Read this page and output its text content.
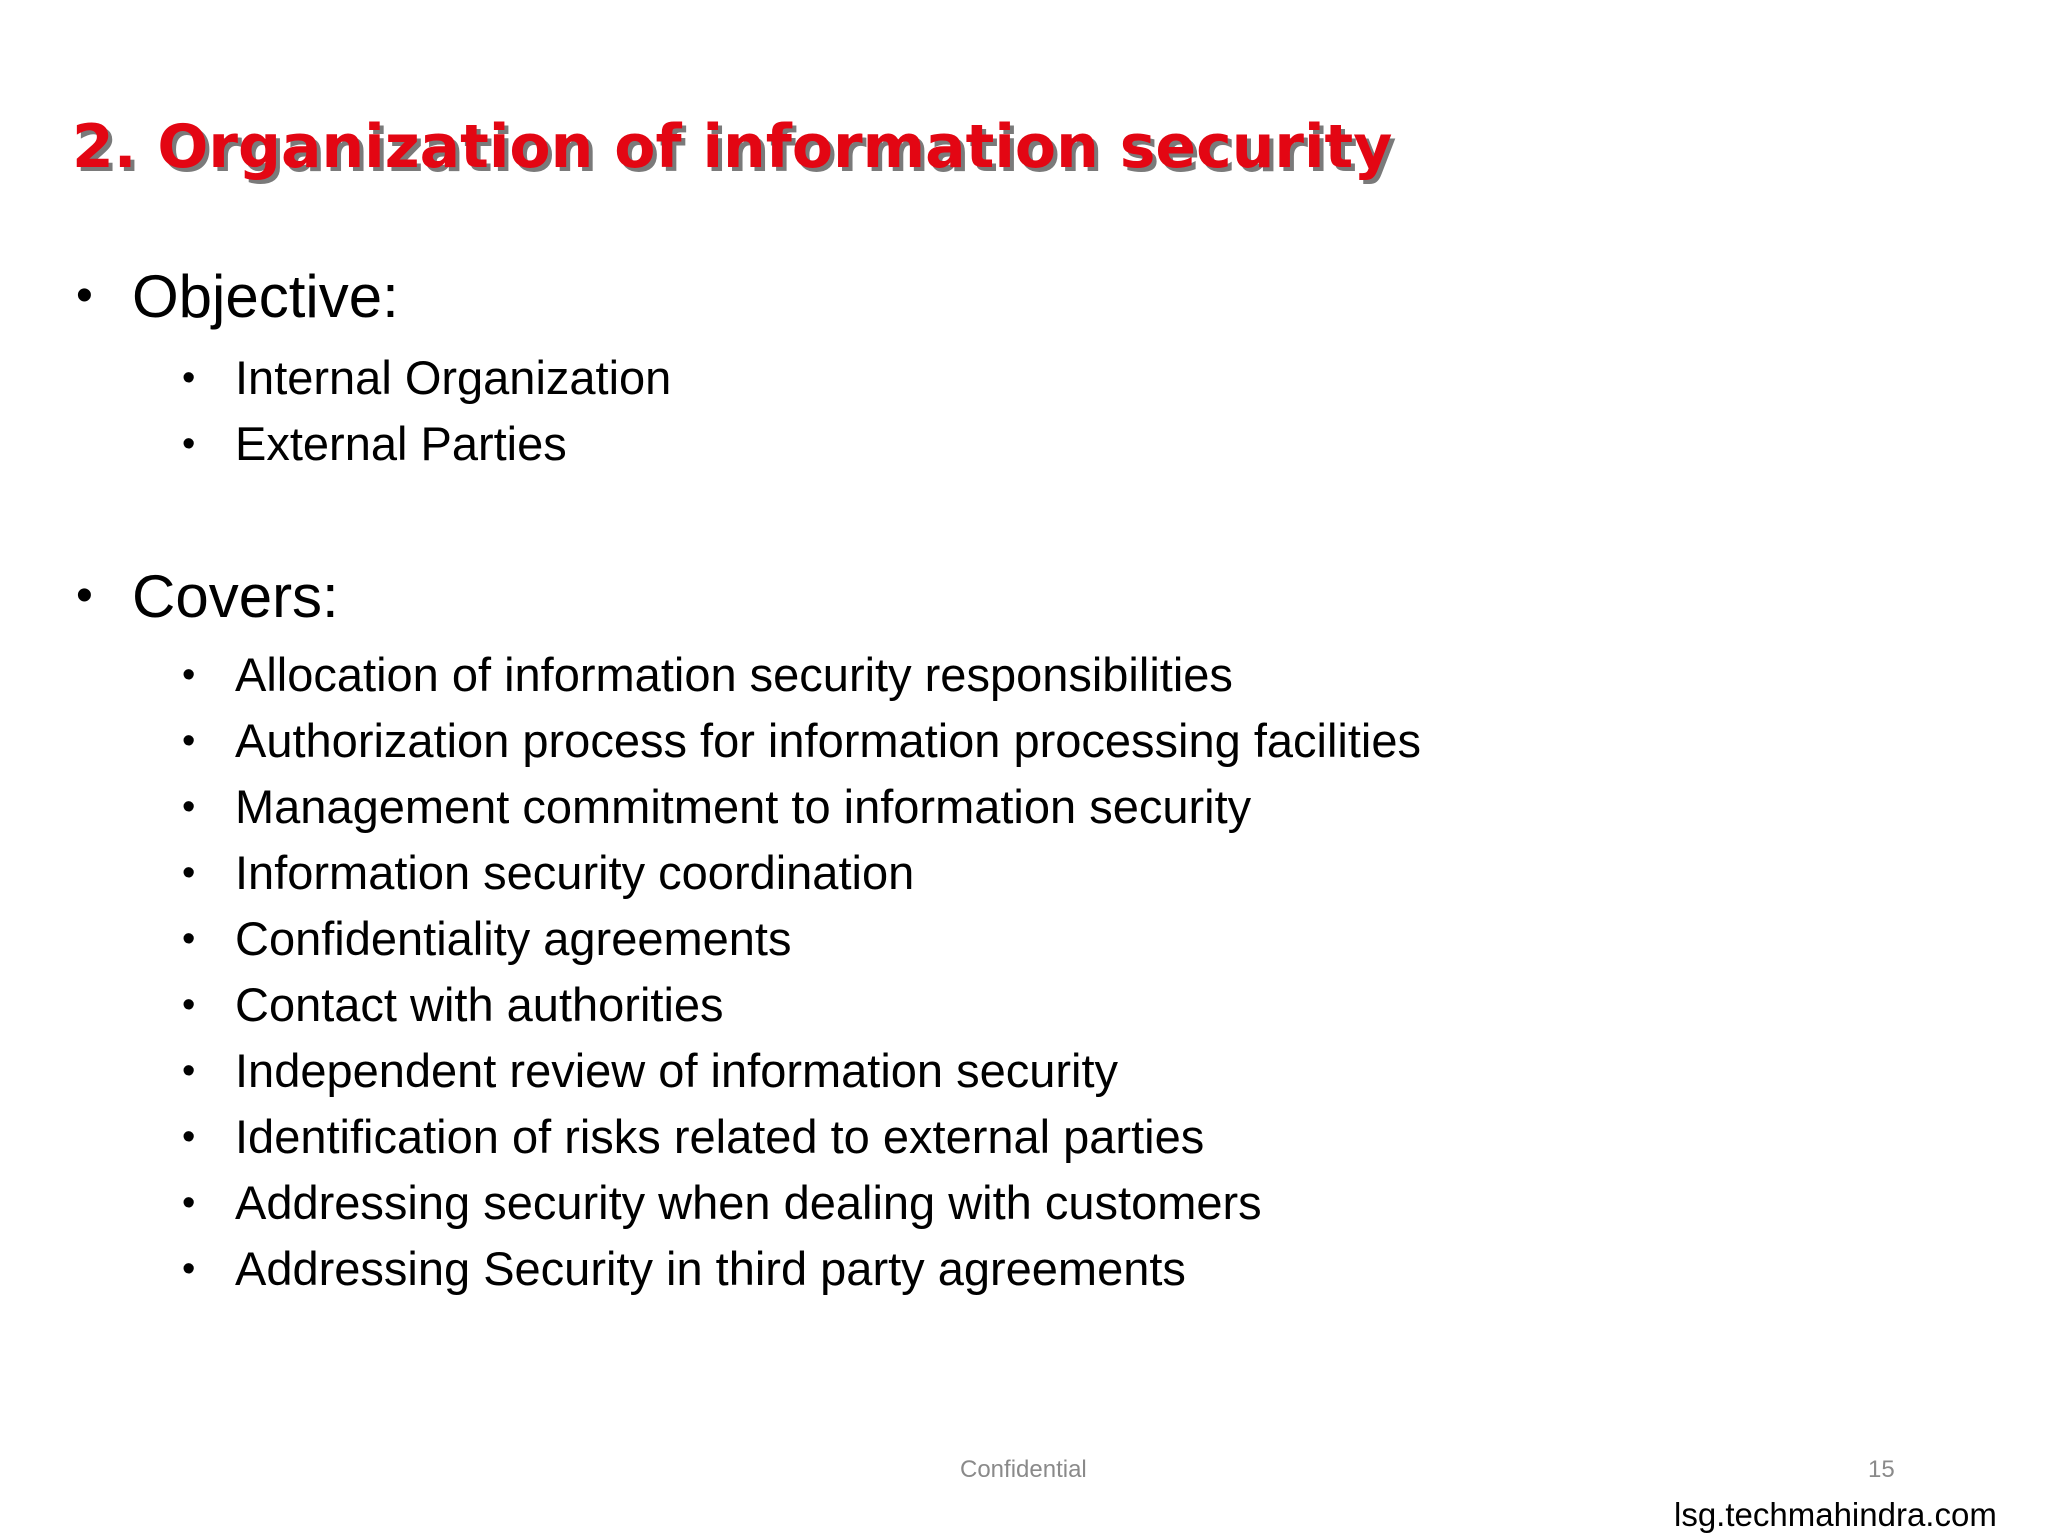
2. Organization of information security
• Objective:
• Internal Organization
• External Parties
• Covers:
• Allocation of information security responsibilities
• Authorization process for information processing facilities
• Management commitment to information security
• Information security coordination
• Confidentiality agreements
• Contact with authorities
• Independent review of information security
• Identification of risks related to external parties
• Addressing security when dealing with customers
• Addressing Security in third party agreements
Confidential	15
lsg.techmahindra.com
